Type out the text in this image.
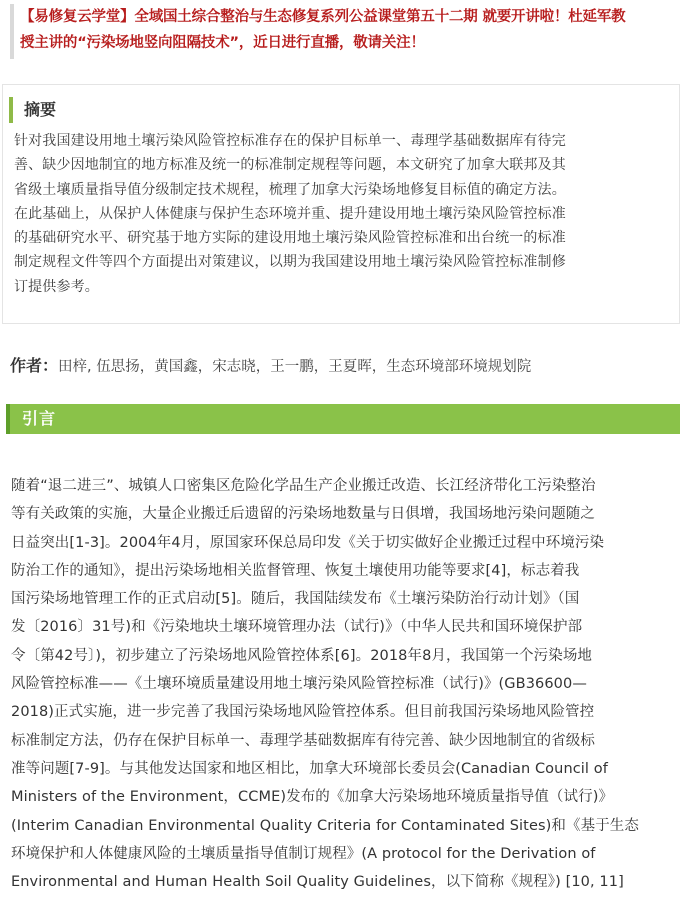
【易修复云学堂】全域国土综合整治与生态修复系列公益课堂第五十二期 就要开讲啦！杜延军教

授主讲的“污染场地竖向阻隔技术”，近日进行直播，敬请关注！

摘要

针对我国建设用地土壤污染风险管控标准存在的保护目标单一、毒理学基础数据库有待完

善、缺少因地制宜的地方标准及统一的标准制定规程等问题，本文研究了加拿大联邦及其

省级土壤质量指导值分级制定技术规程，梳理了加拿大污染场地修复目标值的确定方法。

在此基础上，从保护人体健康与保护生态环境并重、提升建设用地土壤污染风险管控标准

的基础研究水平、研究基于地方实际的建设用地土壤污染风险管控标准和出台统一的标准

制定规程文件等四个方面提出对策建议，以期为我国建设用地土壤污染风险管控标准制修

订提供参考。

作者：田梓, 伍思扬，黄国鑫，宋志晓，王一鹏，王夏晖，生态环境部环境规划院
引言

随着“退二进三”、城镇人口密集区危险化学品生产企业搬迁改造、长江经济带化工污染整治

等有关政策的实施，大量企业搬迁后遗留的污染场地数量与日俱增，我国场地污染问题随之

日益突出[1-3]。2004年4月，原国家环保总局印发《关于切实做好企业搬迁过程中环境污染

防治工作的通知》，提出污染场地相关监督管理、恢复土壤使用功能等要求[4]，标志着我

国污染场地管理工作的正式启动[5]。随后，我国陆续发布《土壤污染防治行动计划》（国

发〔2016〕31号)和《污染地块土壤环境管理办法（试行)》（中华人民共和国环境保护部

令〔第42号〕)，初步建立了污染场地风险管控体系[6]。2018年8月，我国第一个污染场地

风险管控标准——《土壤环境质量建设用地土壤污染风险管控标准（试行)》(GB36600—

2018)正式实施，进一步完善了我国污染场地风险管控体系。但目前我国污染场地风险管控

标准制定方法，仍存在保护目标单一、毒理学基础数据库有待完善、缺少因地制宜的省级标

准等问题[7-9]。与其他发达国家和地区相比，加拿大环境部长委员会(Canadian Council of

Ministers of the Environment，CCME)发布的《加拿大污染场地环境质量指导值（试行)》

(Interim Canadian Environmental Quality Criteria for Contaminated Sites)和《基于生态

环境保护和人体健康风险的土壤质量指导值制订规程》(A protocol for the Derivation of

Environmental and Human Health Soil Quality Guidelines，以下简称《规程》) [10, 11]
